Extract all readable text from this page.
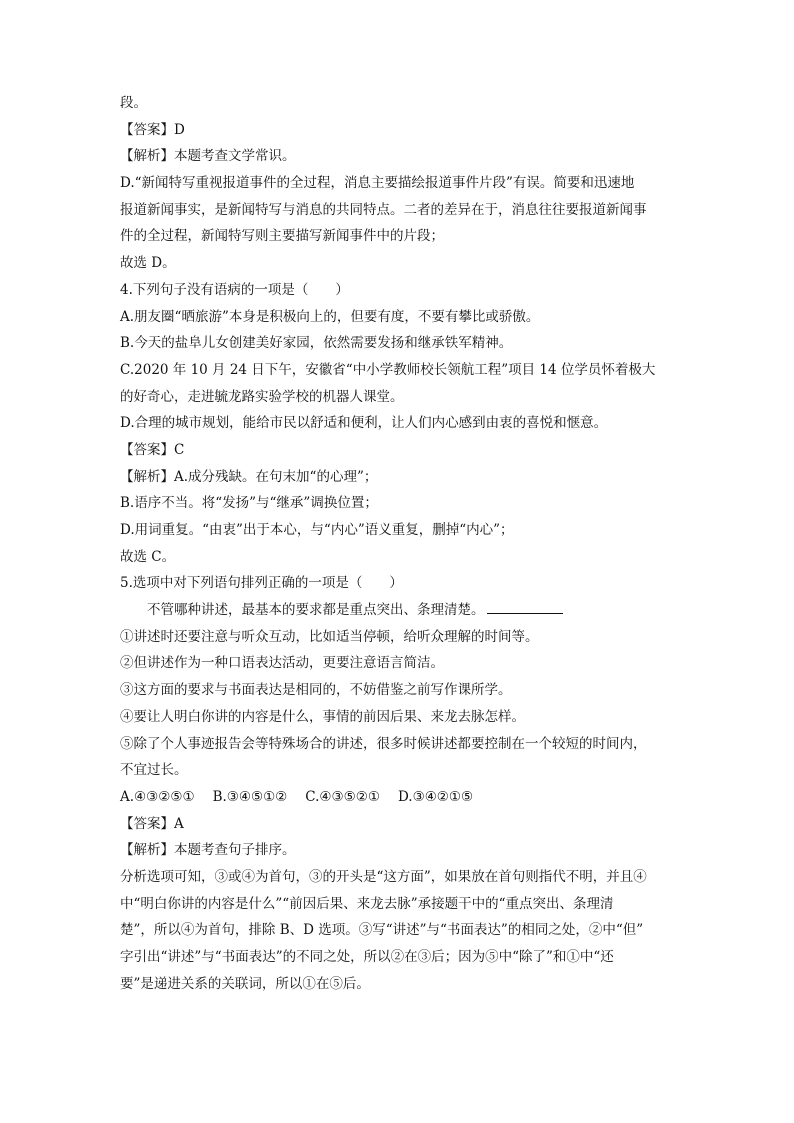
段。
【答案】D
【解析】本题考查文学常识。
D.“新闻特写重视报道事件的全过程，消息主要描绘报道事件片段”有误。简要和迅速地
报道新闻事实，是新闻特写与消息的共同特点。二者的差异在于，消息往往要报道新闻事
件的全过程，新闻特写则主要描写新闻事件中的片段；
故选 D。
4.下列句子没有语病的一项是（　　）
A.朋友圈“晒旅游”本身是积极向上的，但要有度，不要有攀比或骄傲。
B.今天的盐阜儿女创建美好家园，依然需要发扬和继承铁军精神。
C.2020 年 10 月 24 日下午，安徽省“中小学教师校长领航工程”项目 14 位学员怀着极大
的好奇心，走进毓龙路实验学校的机器人课堂。
D.合理的城市规划，能给市民以舒适和便利，让人们内心感到由衷的喜悦和惬意。
【答案】C
【解析】A.成分残缺。在句末加“的心理”；
B.语序不当。将“发扬”与“继承”调换位置；
D.用词重复。“由衷”出于本心，与“内心”语义重复，删掉“内心”；
故选 C。
5.选项中对下列语句排列正确的一项是（　　）
不管哪种讲述，最基本的要求都是重点突出、条理清楚。
①讲述时还要注意与听众互动，比如适当停顿，给听众理解的时间等。
②但讲述作为一种口语表达活动，更要注意语言简洁。
③这方面的要求与书面表达是相同的，不妨借鉴之前写作课所学。
④要让人明白你讲的内容是什么，事情的前因后果、来龙去脉怎样。
⑤除了个人事迹报告会等特殊场合的讲述，很多时候讲述都要控制在一个较短的时间内，
不宜过长。
A.④③②⑤① B.③④⑤①② C.④③⑤②① D.③④②①⑤
【答案】A
【解析】本题考查句子排序。
分析选项可知，③或④为首句，③的开头是“这方面”，如果放在首句则指代不明，并且④
中“明白你讲的内容是什么”“前因后果、来龙去脉”承接题干中的“重点突出、条理清
楚”，所以④为首句，排除 B、D 选项。③写“讲述”与“书面表达”的相同之处，②中“但”
字引出“讲述”与“书面表达”的不同之处，所以②在③后；因为⑤中“除了”和①中“还
要”是递进关系的关联词，所以①在⑤后。
